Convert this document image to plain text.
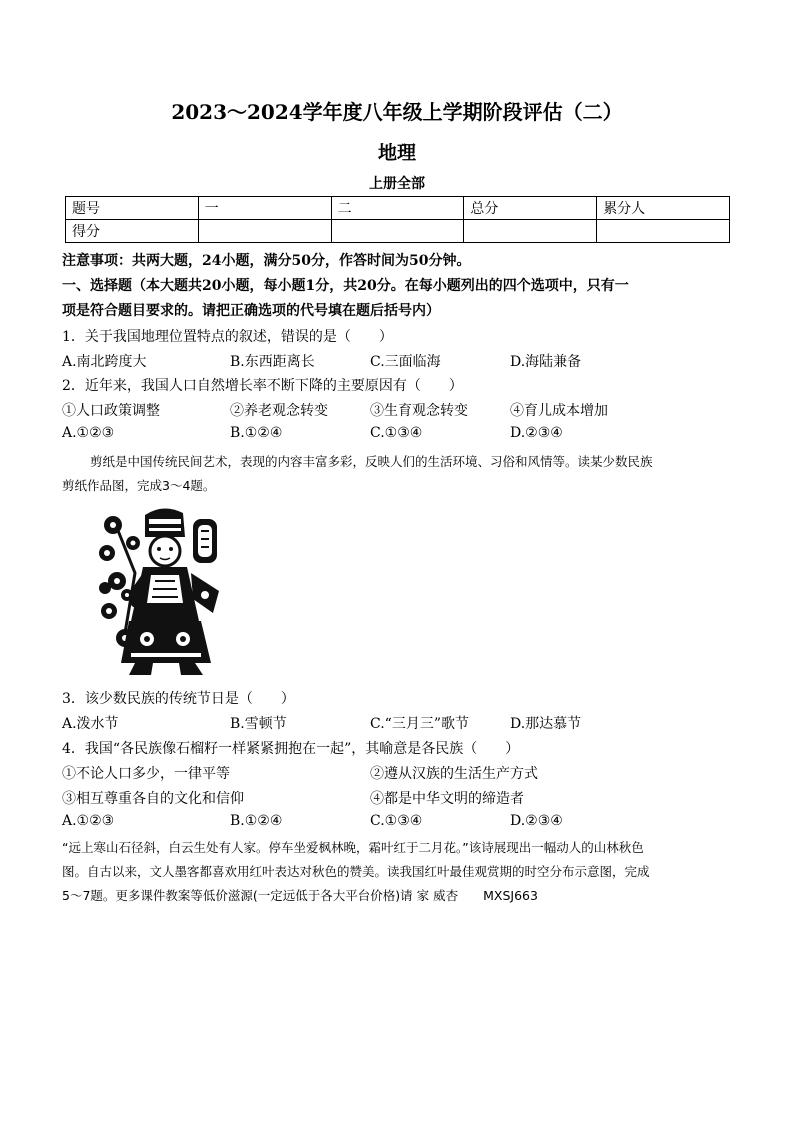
2023～2024学年度八年级上学期阶段评估（二）
地理
上册全部
题号	一	二	总分	累分人
得分				
注意事项：共两大题，24小题，满分50分，作答时间为50分钟。
一、选择题（本大题共20小题，每小题1分，共20分。在每小题列出的四个选项中，只有一
项是符合题目要求的。请把正确选项的代号填在题后括号内）
1．关于我国地理位置特点的叙述，错误的是（　　）
A.南北跨度大	B.东西距离长	C.三面临海	D.海陆兼备
2．近年来，我国人口自然增长率不断下降的主要原因有（　　）
①人口政策调整	②养老观念转变	③生育观念转变	④育儿成本增加
A.①②③	B.①②④	C.①③④	D.②③④
剪纸是中国传统民间艺术，表现的内容丰富多彩，反映人们的生活环境、习俗和风情等。读某少数民族
剪纸作品图，完成3～4题。
3．该少数民族的传统节日是（　　）
A.泼水节	B.雪顿节	C.“三月三”歌节	D.那达慕节
4．我国“各民族像石榴籽一样紧紧拥抱在一起”，其喻意是各民族（　　）
①不论人口多少，一律平等	②遵从汉族的生活生产方式
③相互尊重各自的文化和信仰	④都是中华文明的缔造者
A.①②③	B.①②④	C.①③④	D.②③④
“远上寒山石径斜，白云生处有人家。停车坐爱枫林晚，霜叶红于二月花。”该诗展现出一幅动人的山林秋色
图。自古以来，文人墨客都喜欢用红叶表达对秋色的赞美。读我国红叶最佳观赏期的时空分布示意图，完成
5～7题。更多课件教案等低价滋源(一定远低于各大平台价格)请 家 威杏　　MXSJ663
